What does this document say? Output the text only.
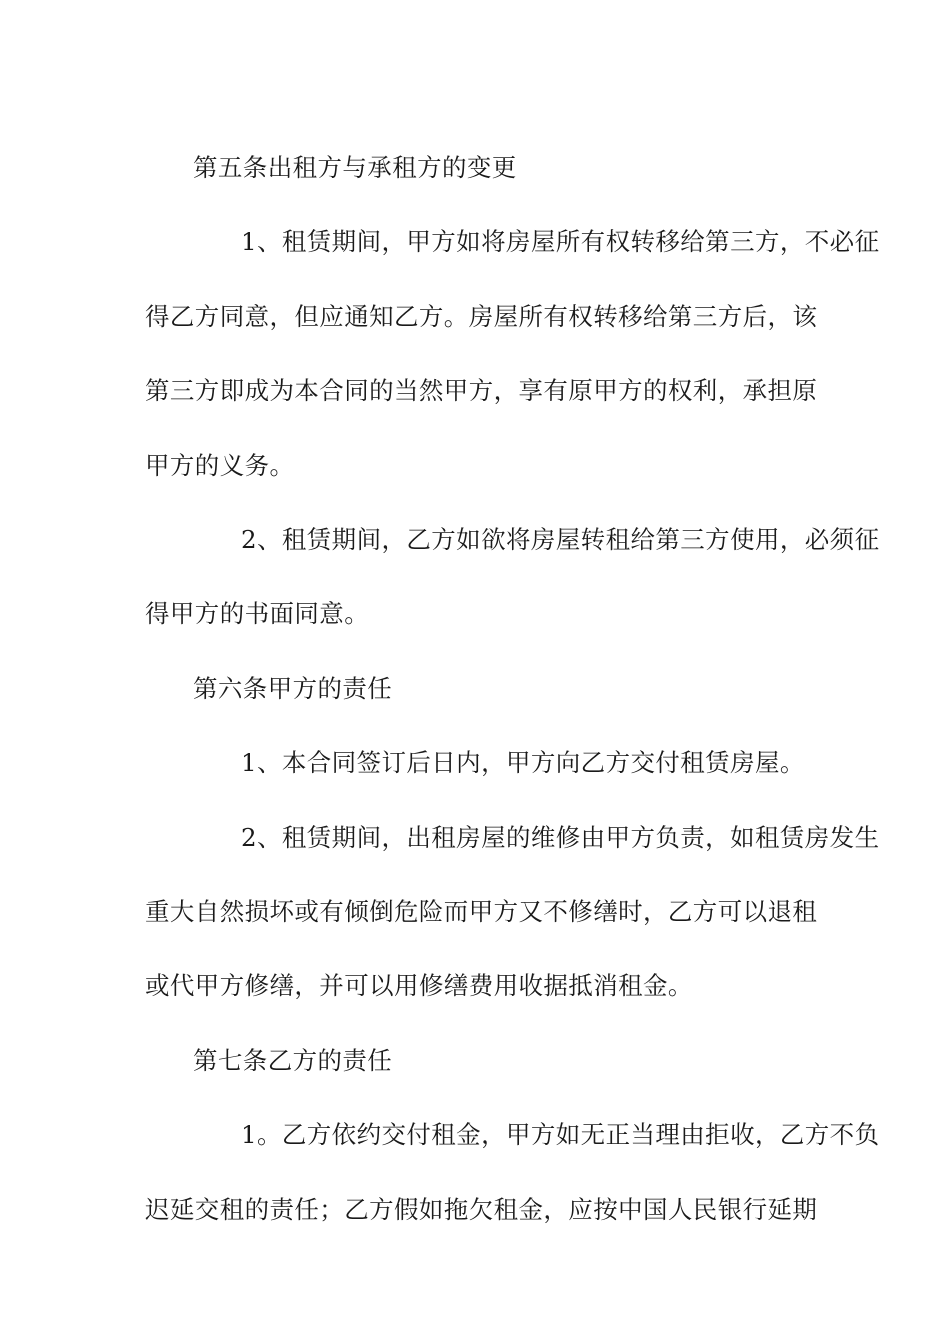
第五条出租方与承租方的变更

1、租赁期间，甲方如将房屋所有权转移给第三方，不必征
得乙方同意，但应通知乙方。房屋所有权转移给第三方后，该
第三方即成为本合同的当然甲方，享有原甲方的权利，承担原
甲方的义务。

2、租赁期间，乙方如欲将房屋转租给第三方使用，必须征
得甲方的书面同意。

第六条甲方的责任

1、本合同签订后日内，甲方向乙方交付租赁房屋。

2、租赁期间，出租房屋的维修由甲方负责，如租赁房发生
重大自然损坏或有倾倒危险而甲方又不修缮时，乙方可以退租
或代甲方修缮，并可以用修缮费用收据抵消租金。

第七条乙方的责任

1。乙方依约交付租金，甲方如无正当理由拒收，乙方不负
迟延交租的责任；乙方假如拖欠租金，应按中国人民银行延期
